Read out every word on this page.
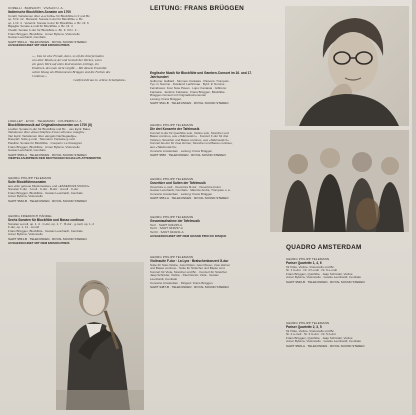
CORELLI · BARSANTI · VIVALDI U. A.
Italienische Blockflöten-Sonaten um 1700
Corelli: Variationen über »La Follia« für Blockflöte in F und Bc.
op. 5 Nr. 12 · Barsanti: Sonate C-dur für Blockflöte u. Bc.
op. 1 Nr. 4 · Veracini: Sonate G-dur für Blockflöte u. Bc. Nr. 6
Bigaglia: Sonate a-moll für Blockflöte u. Bc. Nr. 4
Vivaldi: Sonate C-dur für Blockflöte u. Bc. F. XII n. 2 ...
Frans Brüggen, Blockflöte · Anner Bylsma, Violoncello
Gustav Leonhardt, Cembalo
SAWT 9501-A · TELEFUNKEN · ROYAL SOUND STEREO
AUSGEZEICHNET MIT DEM EDISON-PREIS
»... Das ist eine Freude, denn, so oft die Interpretation
von alter Musik zu Art und Gestalt des Werkes, wenn
ein gutes Werk auf alten Instrumenten erklingt, ein
Eindruck, den man nicht vergißt ... Mit diesem Ensemble
wären Klang als Phänomenen Brüggen und die Farben des
Continuo.«
Gottfried Kraus in »Diese Schallplatte«
LOEILLET · EYCK · TELEMANN · COUPERIN U. A.
Blockflötenmusik auf Originalinstrumenten um 1700 (II)
Loeillet: Sonate G-dur für Blockflöte und Bc. · van Eyck: Balet-
Variationen über »Doen Daphne d'over schoone maeght« ·
Van Eyck: Variationen über »Engels Nachtegaeltje« ·
Dieupart: Suite g-moll · Telemann: Fantasie g-moll ·
Paisible: Sonate für Blockflöte · Couperin: Le Rossignol
Frans Brüggen, Blockflöte · Anner Bylsma, Violoncello
Gustav Leonhardt, Cembalo
SAWT 9566-A · TELEFUNKEN · ROYAL SOUND STEREO
VIERTELJAHRPREIS DER DEUTSCHEN SCHALLPLATTENKRITIK
GEORG PHILIPP TELEMANN
Suite Blockflötensonaten
aus »Der getreue Musikmeister« und »ESSERCIZII MUSICI«
Sonaten F-dur · f-moll · C-dur · B-dur · d-moll · C-dur
Frans Brüggen, Blockflöte · Gustav Leonhardt, Cembalo
Anner Bylsma, Violoncello
SAWT 9540-B · TELEFUNKEN · ROYAL SOUND STEREO
GEORG FRIEDRICH HÄNDEL
Sechs Sonaten für Blockflöte und Basso continuo
Sonaten a-moll, op. 1, 4 · C-dur, op. 1, 7 · B-dur · g-moll, op. 1, 2
F-dur, op. 1, 11 · d-moll
Frans Brüggen, Blockflöte · Gustav Leonhardt, Cembalo
Anner Bylsma, Violoncello
SAWT 9551-B · TELEFUNKEN · ROYAL SOUND STEREO
AUSGEZEICHNET MIT DEM EDISON-PREIS
LEITUNG: FRANS BRÜGGEN
Englische Musik für Blockflöte und Gamben-Consort im 16. und 17. Jahrhundert
Holborne: Galliard · Simmes: Fantasia · Parsons: Trumpets ·
Tye: In Nomine · Dowland: Lachrimae · Byrd: In Nomine ·
Ferrabosco: Four Note Pavan · Lupo: Fantasia · Gibbons:
Fantasia · Jenkins: Fantasia · Frans Brüggen, Blockflöte ·
Brüggen-Consort mit Originalinstrumenten
Leitung: Frans Brüggen
SAWT 9511-B · TELEFUNKEN · ROYAL SOUND STEREO
GEORG PHILIPP TELEMANN
Die drei Konzerte der Tafelmusik
Konzert A-dur für Querflöte solo, Violine solo, Streicher und
Basso continuo, aus »Tafelmusik I« · Konzert F-dur für drei
Violinen, Streicher und Basso continuo, aus »Tafelmusik II« ·
Konzert Es-dur für zwei Hörner, Streicher und Basso continuo,
aus »Tafelmusik III«
Concerto Amsterdam · Leitung: Frans Brüggen
SAWT 9550 · TELEFUNKEN · ROYAL SOUND STEREO
GEORG PHILIPP TELEMANN
Ouvertüre und Suiten der Tafelmusik
Ouvertüre e-moll · Ouvertüre B-dur · Ouvertüre D-dur
Gustav Leonhardt, Cembalo · Maurice André, Trompete u. a.
Concerto Amsterdam · Leitung: Frans Brüggen
SAWT 9551-A · TELEFUNKEN · ROYAL SOUND STEREO
GEORG PHILIPP TELEMANN
Gesamtaufnahme der Tafelmusik
Teil I · SAWT 9434/35-A
Teil II · SAWT 9436/37-A
Teil III · SAWT 9440/41-A
AUSGEZEICHNET MIT DEM GRAND PRIX DU DISQUE
GEORG PHILIPP TELEMANN
Violinsuite F-dur · La Lyra · Bratschenkonzert G-dur
Suite für Solo-Violine, zwei Flöten, zwei Oboen, zwei Hörner
und Basso continuo · Suite für Streicher und Basso cont.
Konzert für Viola, Streicher und Bc. · Konzert für Streicher
Jaap Schröder, Violine · Paul Doctor, Viola · Gustav
Leonhardt, Cembalo
Concerto Amsterdam · Dirigent: Frans Brüggen
SAWT 9487-B · TELEFUNKEN · ROYAL SOUND STEREO
QUADRO AMSTERDAM
GEORG PHILIPP TELEMANN
Pariser Quartette 1, 4, 6
für Flöte, Violine, Violoncello und Bc.
Nr. 1 G-dur · Nr. 4 h-moll · Nr. 6 e-moll
Frans Brüggen, Querflöte · Jaap Schröder, Violine
Anner Bylsma, Violoncello · Gustav Leonhardt, Cembalo
SAWT 9540-B · TELEFUNKEN · ROYAL SOUND STEREO
GEORG PHILIPP TELEMANN
Pariser Quartette 2, 3, 5
für Flöte, Violine, Violoncello und Bc.
Nr. 2 a-moll · Nr. 3 G-dur · Nr. 5 A-dur
Frans Brüggen, Querflöte · Jaap Schröder, Violine
Anner Bylsma, Violoncello · Gustav Leonhardt, Cembalo
SAWT 9500-A · TELEFUNKEN · ROYAL SOUND STEREO
